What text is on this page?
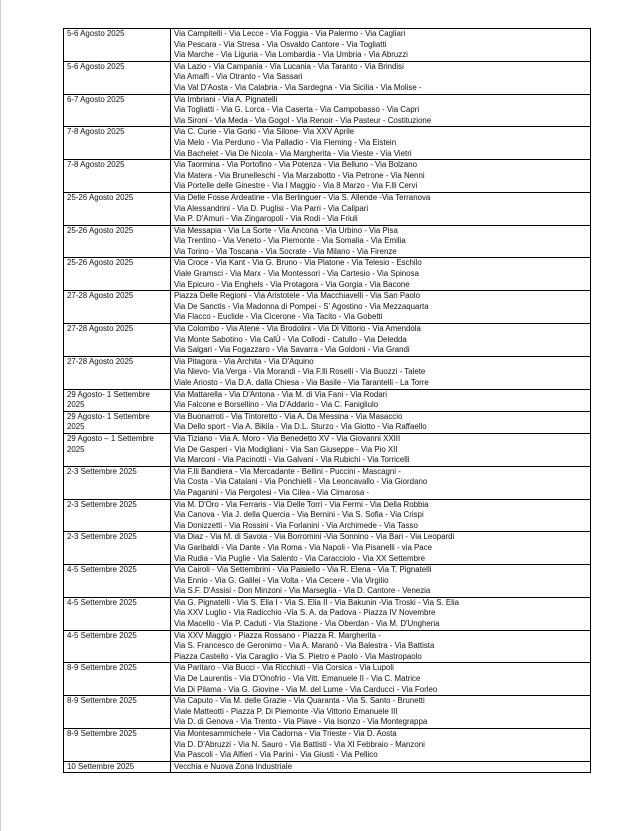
5-6 Agosto 2025	Via Campitelli - Via Lecce - Via Foggia - Via Palermo - Via Cagliari
Via Pescara - Via Stresa - Via Osvaldo Cantore - Via Togliatti
Via Marche - Via Liguria - Via Lombardia - Via Umbria - Via Abruzzi

5-6 Agosto 2025	Via Lazio - Via Campania - Via Lucania - Via Taranto - Via Brindisi
Via Amalfi - Via Otranto - Via Sassari
Via Val D'Aosta - Via Calabria - Via Sardegna - Via Sicilia - Via Molise -

6-7 Agosto 2025	Via Imbriani - Via A. Pignatelli
Via Togliatti - Via G. Lorca - Via Caserta - Via Campobasso - Via Capri
Via Sironi - Via Meda - Via Gogol - Via Renoir - Via Pasteur - Costituzione

7-8 Agosto 2025	Via C. Curie - Via Gorki - Via Silone- Via XXV Aprile
Via Melo - Via Perduno - Via Palladio - Via Fleming - Via Eistein
Via Bachelet - Via De Nicola - Via Margherita - Via Vieste - Via Vietri

7-8 Agosto 2025	Via Taormina - Via Portofino - Via Potenza - Via Belluno - Via Bolzano
Via Matera - Via Brunelleschi - Via Marzabotto - Via Petrone - Via Nenni
Via Portelle delle Ginestre - Via I Maggio - Via 8 Marzo - Via F.lli Cervi

25-26 Agosto 2025	Via Delle Fosse Ardeatine - Via Berlinguer - Via S. Allende -Via Terranova
Via Alessandrini - Via D. Puglisi - Via Parri - Via Calipari
Via P. D'Amuri - Via Zingaropoli - Via Rodi - Via Friuli

25-26 Agosto 2025	Via Messapia - Via La Sorte - Via Ancona - Via Urbino - Via Pisa
Via Trentino - Via Veneto - Via Piemonte - Via Somalia - Via Emilia
Via Torino - Via Toscana - Via Socrate - Via Milano - Via Firenze

25-26 Agosto 2025	Via Croce - Via Kant - Via G. Bruno - Via Platone - Via Telesio - Eschilo
Viale Gramsci - Via Marx - Via Montessori - Via Cartesio - Via Spinosa
Via Epicuro - Via Enghels - Via Protagora - Via Gorgia - Via Bacone

27-28 Agosto 2025	Piazza Delle Regioni - Via Aristotele - Via Macchiavelli - Via San Paolo
Via De Sanctis - Via Madonna di Pompei - S' Agostino - Via Mezzaquarta
Via Flacco - Euclide - Via Cicerone - Via Tacito - Via Gobetti

27-28 Agosto 2025	Via Colombo - Via Atene - Via Brodolini - Via Di Vittorio - Via Amendola
Via Monte Sabotino - Via CalÙ - Via Collodi - Catullo - Via Deledda
Via Salgari - Via Fogazzaro - Via Savarra - Via Goldoni - Via Grandi

27-28 Agosto 2025	Via Pitagora - Via Archita - Via D'Aquino
Via Nievo- Via Verga - Via Morandi - Via F.lli Roselli - Via Buozzi - Talete
Viale Ariosto - Via D.A. dalla Chiesa - Via Basile - Via Tarantelli - La Torre

29 Agosto- 1 Settembre 2025	Via Mattarella - Via D'Antona - Via M. di Via Fani - Via Rodari
Via Falcone e Borsellino - Via D'Addario - Via C. Fanigliulo

29 Agosto- 1 Settembre 2025	Via Buonarroti - Via Tintoretto - Via A. Da Messina - Via Masaccio
Via Dello sport - Via A. Bikila - Via D.L. Sturzo - Via Giotto - Via Raffaello

29 Agosto – 1 Settembre 2025	Via Tiziano - Via A. Moro - Via Benedetto XV - Via Giovanni XXIII
Via De Gasperi - Via Modigliani - Via San Giuseppe - Via Pio XII
Via Marconi - Via Pacinotti - Via Galvani - Via Rubichi - Via Torricelli

2-3 Settembre 2025	Via F.lli Bandiera - Via Mercadante - Bellini - Puccini - Mascagni -
Via Costa - Via Catalani - Via Ponchielli - Via Leoncavallo - Via Giordano
Via Paganini - Via Pergolesi - Via Cilea - Via Cimarosa -

2-3 Settembre 2025	Via M. D'Oro - Via Ferraris - Via Delle Torri - Via Fermi - Via Della Robbia
Via Canova - Via J. della Quercia - Via Bernini - Via S. Sofia - Via Crispi
Via Donizzetti - Via Rossini - Via Forlanini - Via Archimede - Via Tasso

2-3 Settembre 2025	Via Diaz - Via M. di Savoia - Via Borromini -Via Sonnino - Via Bari - Via Leopardi
Via Garibaldi - Via Dante - Via Roma - Via Napoli - Via Pisanelli - via Pace
Via Rudia - Via Puglie - Via Salento - Via Caracciolo - Via XX Settembre

4-5 Settembre 2025	Via Cairoli - Via Settembrini - Via Paisiello - Via R. Elena - Via T. Pignatelli
Via Ennio - Via G. Galilei - Via Volta - Via Cecere - Via Virgilio
Via S.F. D'Assisi - Don Minzoni - Via Marseglia - Via D. Cantore - Venezia

4-5 Settembre 2025	Via G. Pignatelli - Via S. Elia I - Via S. Elia II - Via Bakunin -Via Troski - Via S. Elia
Via XXV Luglio - Via Radicchio -Via S. A. da Padova - Piazza IV Novembre
Via Macello - Via P. Caduti - Via Stazione - Via Oberdan - Via M. D'Ungheria

4-5 Settembre 2025	Via XXV Maggio - Piazza Rossano - Piazza R. Margherita -
Via S. Francesco de Geronimo - Via A. Maranò - Via Balestra - Via Battista
Piazza Castello - Via Caraglio - Via S. Pietro e Paolo - Via Mastropaolo

8-9 Settembre 2025	Via Paritaro - Via Bucci - Via Ricchiuti - Via Corsica - Via Lupoli
Via De Laurentis - Via D'Onofrio - Via Vitt. Emanuele II - Via C. Matrice
Via Di Pilama - Via G. Giovine - Via M. del Lume - Via Carducci - Via Forleo

8-9 Settembre 2025	Via Caputo - Via M. delle Grazie - Via Quaranta - Via S. Santo - Brunetti
Viale Matteotti - Piazza P. Di Piemonte -Via Vittorio Emanuele III
Via D. di Genova - Via Trento - Via Piave - Via Isonzo - Via Montegrappa

8-9 Settembre 2025	Via Montesammichele - Via Cadorna - Via Trieste - Via D. Aosta
Via D. D'Abruzzi - Via N. Sauro - Via Battisti - Via XI Febbraio - Manzoni
Via Pascoli - Via Alfieri - Via Parini - Via Giusti - Via Pellico

10 Settembre 2025	Vecchia e Nuova Zona Industriale
